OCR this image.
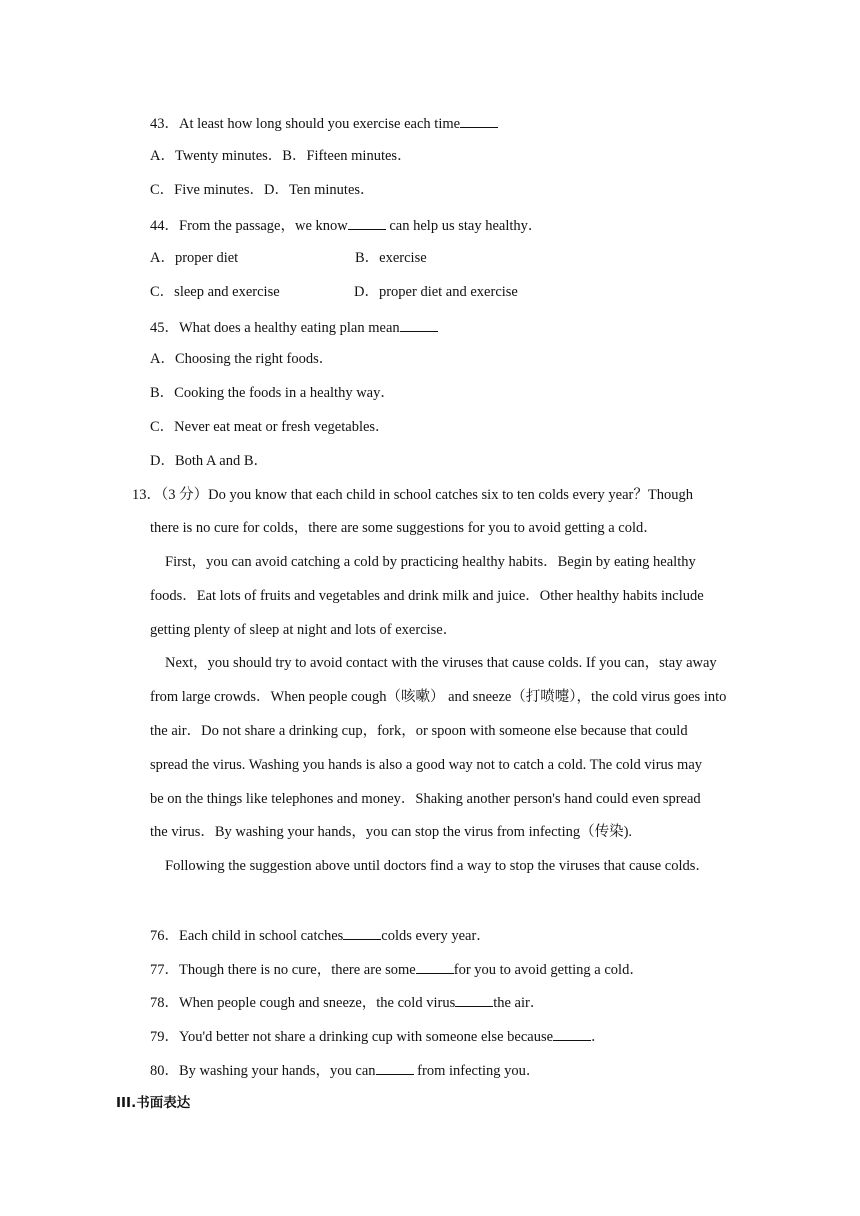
43．At least how long should you exercise each time
A．Twenty minutes．B．Fifteen minutes．
C．Five minutes．D．Ten minutes．
44．From the passage，we know	can help us stay healthy．
A．proper diet	B．exercise
C．sleep and exercise	D．proper diet and exercise
45．What does a healthy eating plan mean
A．Choosing the right foods．
B．Cooking the foods in a healthy way．
C．Never eat meat or fresh vegetables．
D．Both A and B．
13．（3 分）Do you know that each child in school catches six to ten colds every year？Though
there is no cure for colds，there are some suggestions for you to avoid getting a cold．
First，you can avoid catching a cold by practicing healthy habits．Begin by eating healthy
foods．Eat lots of fruits and vegetables and drink milk and juice．Other healthy habits include
getting plenty of sleep at night and lots of exercise．
Next，you should try to avoid contact with the viruses that cause colds. If you can，stay away
from large crowds．When people cough（咳嗽） and sneeze（打喷嚏），the cold virus goes into
the air．Do not share a drinking cup，fork，or spoon with someone else because that could
spread the virus. Washing you hands is also a good way not to catch a cold. The cold virus may
be on the things like telephones and money．Shaking another person's hand could even spread
the virus．By washing your hands，you can stop the virus from infecting（传染).
Following the suggestion above until doctors find a way to stop the viruses that cause colds．
76．Each child in school catches	colds every year．
77．Though there is no cure，there are some	for you to avoid getting a cold．
78．When people cough and sneeze，the cold virus	the air．
79．You'd better not share a drinking cup with someone else because	．
80．By washing your hands，you can	from infecting you．
III.书面表达
